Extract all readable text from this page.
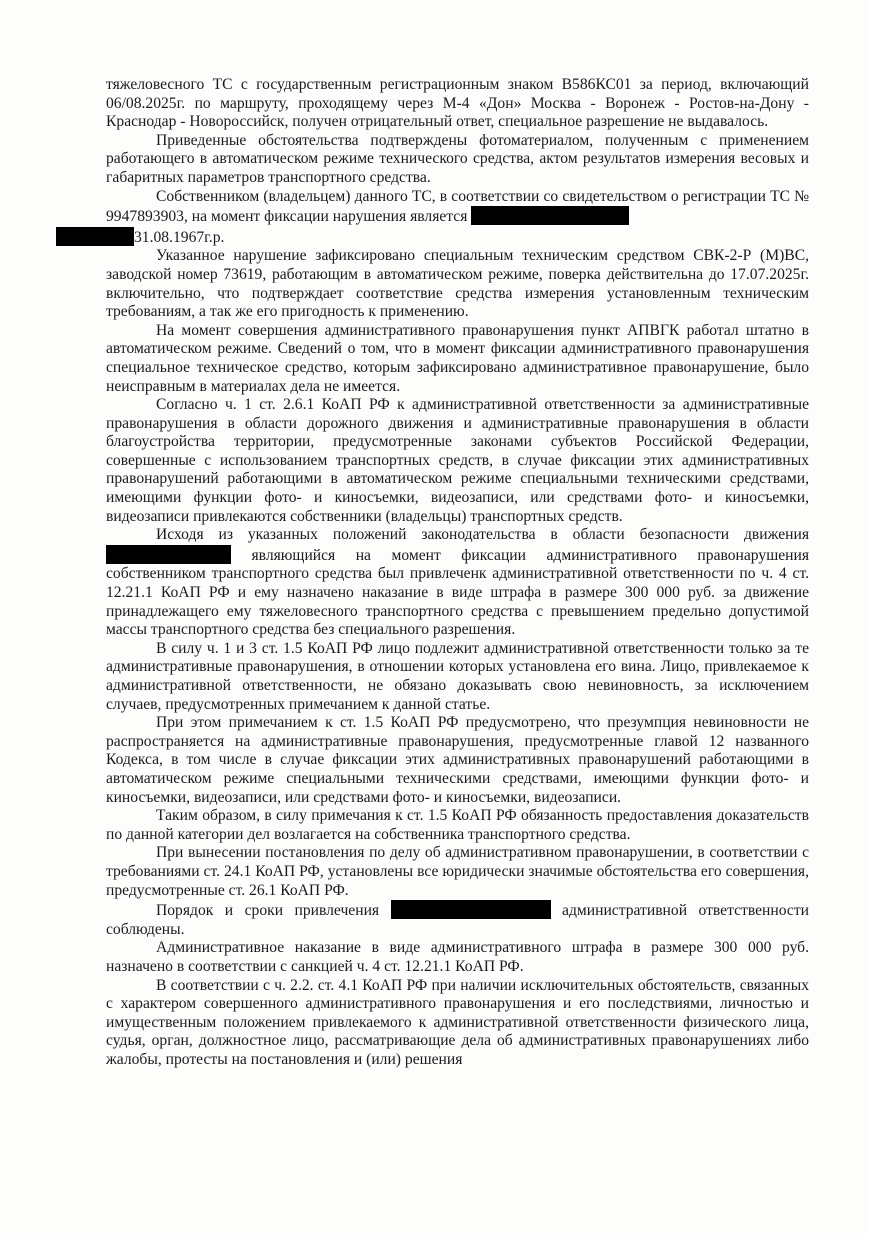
тяжеловесного ТС с государственным регистрационным знаком В586КС01 за период, включающий 06/08.2025г. по маршруту, проходящему через М-4 «Дон» Москва - Воронеж - Ростов-на-Дону - Краснодар - Новороссийск, получен отрицательный ответ, специальное разрешение не выдавалось.

Приведенные обстоятельства подтверждены фотоматериалом, полученным с применением работающего в автоматическом режиме технического средства, актом результатов измерения весовых и габаритных параметров транспортного средства.

Собственником (владельцем) данного ТС, в соответствии со свидетельством о регистрации ТС № 9947893903, на момент фиксации нарушения является
31.08.1967г.р.

Указанное нарушение зафиксировано специальным техническим средством СВК-2-Р (М)ВС, заводской номер 73619, работающим в автоматическом режиме, поверка действительна до 17.07.2025г. включительно, что подтверждает соответствие средства измерения установленным техническим требованиям, а так же его пригодность к применению.

На момент совершения административного правонарушения пункт АПВГК работал штатно в автоматическом режиме. Сведений о том, что в момент фиксации административного правонарушения специальное техническое средство, которым зафиксировано административное правонарушение, было неисправным в материалах дела не имеется.

Согласно ч. 1 ст. 2.6.1 КоАП РФ к административной ответственности за административные правонарушения в области дорожного движения и административные правонарушения в области благоустройства территории, предусмотренные законами субъектов Российской Федерации, совершенные с использованием транспортных средств, в случае фиксации этих административных правонарушений работающими в автоматическом режиме специальными техническими средствами, имеющими функции фото- и киносъемки, видеозаписи, или средствами фото- и киносъемки, видеозаписи привлекаются собственники (владельцы) транспортных средств.

Исходя из указанных положений законодательства в области безопасности движения  являющийся на момент фиксации административного правонарушения собственником транспортного средства был привлеченк административной ответственности по ч. 4 ст. 12.21.1 КоАП РФ и ему назначено наказание в виде штрафа в размере 300 000 руб. за движение принадлежащего ему тяжеловесного транспортного средства с превышением предельно допустимой массы транспортного средства без специального разрешения.

В силу ч. 1 и 3 ст. 1.5 КоАП РФ лицо подлежит административной ответственности только за те административные правонарушения, в отношении которых установлена его вина. Лицо, привлекаемое к административной ответственности, не обязано доказывать свою невиновность, за исключением случаев, предусмотренных примечанием к данной статье.

При этом примечанием к ст. 1.5 КоАП РФ предусмотрено, что презумпция невиновности не распространяется на административные правонарушения, предусмотренные главой 12 названного Кодекса, в том числе в случае фиксации этих административных правонарушений работающими в автоматическом режиме специальными техническими средствами, имеющими функции фото- и киносъемки, видеозаписи, или средствами фото- и киносъемки, видеозаписи.

Таким образом, в силу примечания к ст. 1.5 КоАП РФ обязанность предоставления доказательств по данной категории дел возлагается на собственника транспортного средства.

При вынесении постановления по делу об административном правонарушении, в соответствии с требованиями ст. 24.1 КоАП РФ, установлены все юридически значимые обстоятельства его совершения, предусмотренные ст. 26.1 КоАП РФ.

Порядок и сроки привлечения	административной ответственности соблюдены.

Административное наказание в виде административного штрафа в размере 300 000 руб. назначено в соответствии с санкцией ч. 4 ст. 12.21.1 КоАП РФ.

В соответствии с ч. 2.2. ст. 4.1 КоАП РФ при наличии исключительных обстоятельств, связанных с характером совершенного административного правонарушения и его последствиями, личностью и имущественным положением привлекаемого к административной ответственности физического лица, судья, орган, должностное лицо, рассматривающие дела об административных правонарушениях либо жалобы, протесты на постановления и (или) решения
